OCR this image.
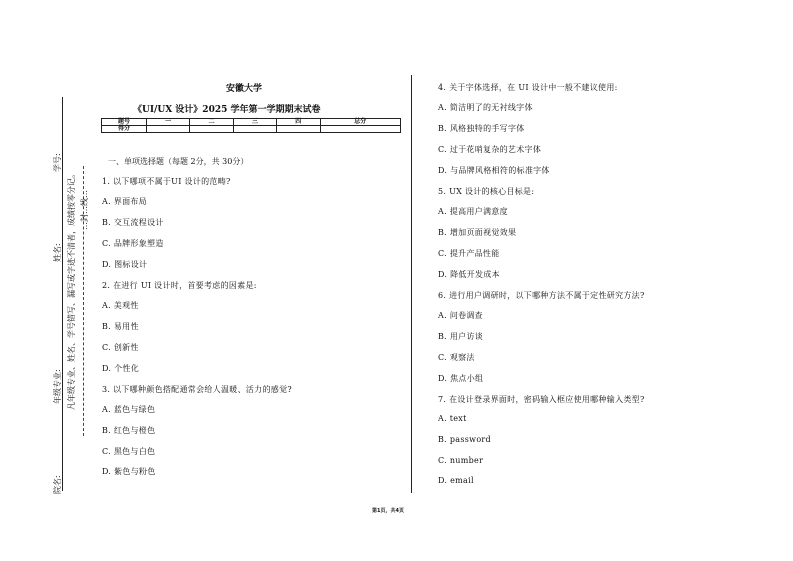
学号:
姓名:
年级专业:
院名:
凡年级专业、姓名、学号错写、漏写或字迹不清者，成绩按零分记。 …封…线…
安徽大学
《UI/UX 设计》2025 学年第一学期期末试卷
题号	一	二	三	四	总分
得分					
一、单项选择题（每题 2分，共 30分）
1. 以下哪项不属于UI 设计的范畴?
A. 界面布局
B. 交互流程设计
C. 品牌形象塑造
D. 图标设计
2. 在进行 UI 设计时，首要考虑的因素是:
A. 美观性
B. 易用性
C. 创新性
D. 个性化
3. 以下哪种颜色搭配通常会给人温暖、活力的感觉?
A. 蓝色与绿色
B. 红色与橙色
C. 黑色与白色
D. 紫色与粉色
4. 关于字体选择，在 UI 设计中一般不建议使用:
A. 简洁明了的无衬线字体
B. 风格独特的手写字体
C. 过于花哨复杂的艺术字体
D. 与品牌风格相符的标准字体
5. UX 设计的核心目标是:
A. 提高用户满意度
B. 增加页面视觉效果
C. 提升产品性能
D. 降低开发成本
6. 进行用户调研时，以下哪种方法不属于定性研究方法?
A. 问卷调查
B. 用户访谈
C. 观察法
D. 焦点小组
7. 在设计登录界面时，密码输入框应使用哪种输入类型?
A. text
B. password
C. number
D. email
第1页，共4页
